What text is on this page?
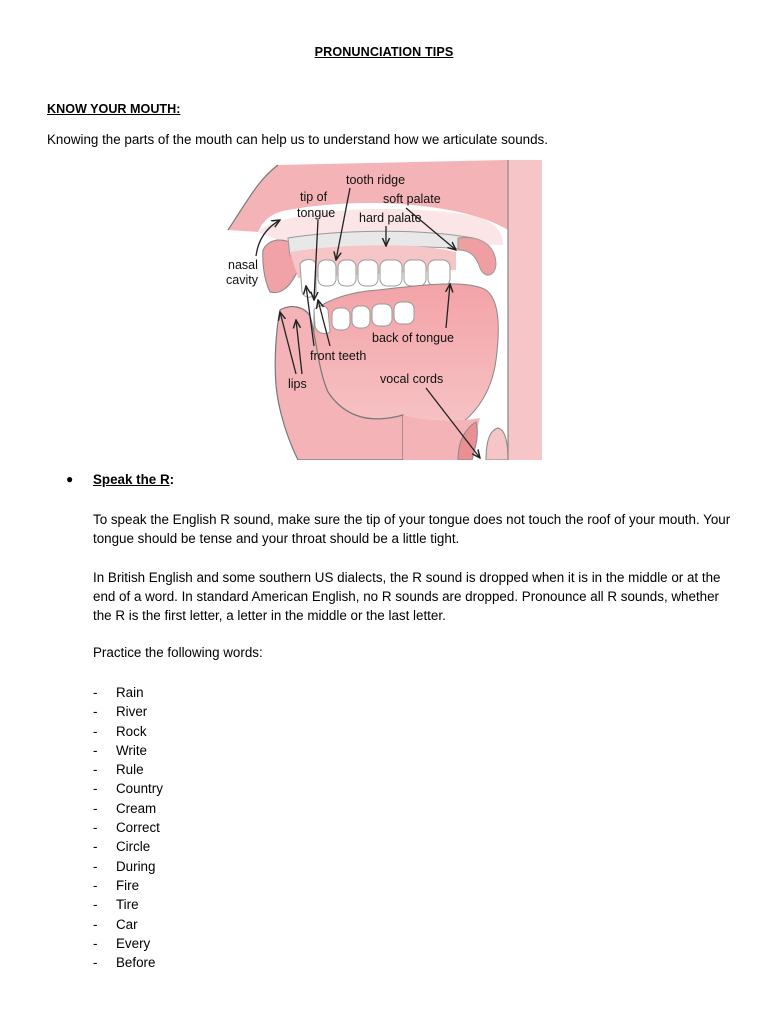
PRONUNCIATION TIPS
KNOW YOUR MOUTH:
Knowing the parts of the mouth can help us to understand how we articulate sounds.
tooth ridge
tip of
tongue
soft palate
hard palate
nasal
cavity
back of tongue
front teeth
vocal cords
lips
● Speak the R:
To speak the English R sound, make sure the tip of your tongue does not touch the roof of your mouth. Your tongue should be tense and your throat should be a little tight.
In British English and some southern US dialects, the R sound is dropped when it is in the middle or at the end of a word. In standard American English, no R sounds are dropped. Pronounce all R sounds, whether the R is the first letter, a letter in the middle or the last letter.
Practice the following words:
- Rain
- River
- Rock
- Write
- Rule
- Country
- Cream
- Correct
- Circle
- During
- Fire
- Tire
- Car
- Every
- Before
